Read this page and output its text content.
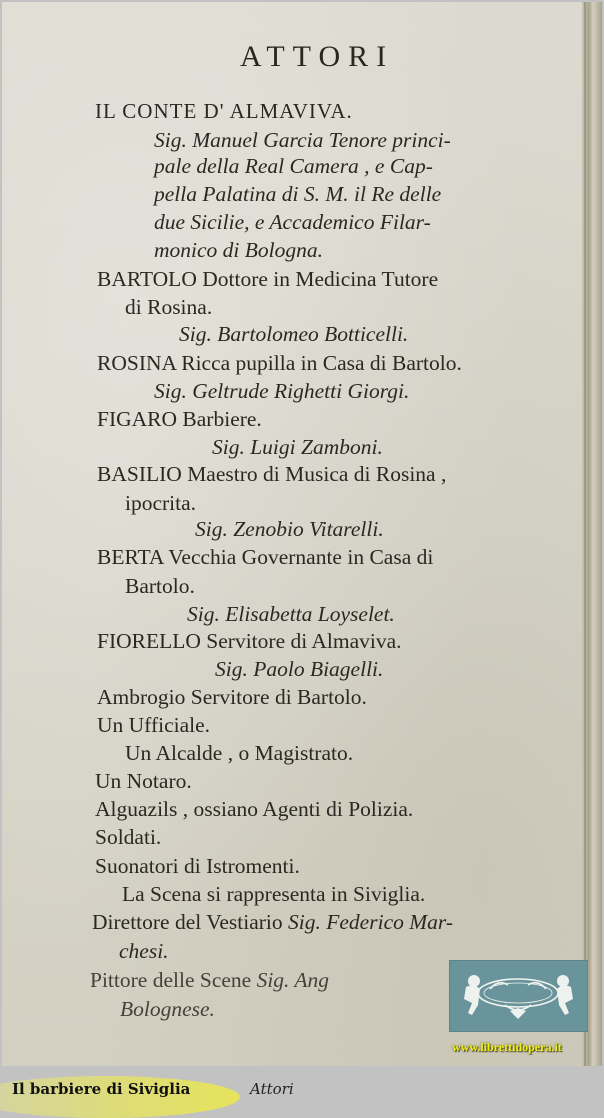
ATTORI
IL CONTE D' ALMAVIVA.
Sig. Manuel Garcia Tenore princi-
pale della Real Camera , e Cap-
pella Palatina di S. M. il Re delle
due Sicilie, e Accademico Filar-
monico di Bologna.
BARTOLO Dottore in Medicina Tutore
di Rosina.
Sig. Bartolomeo Botticelli.
ROSINA Ricca pupilla in Casa di Bartolo.
Sig. Geltrude Righetti Giorgi.
FIGARO Barbiere.
Sig. Luigi Zamboni.
BASILIO Maestro di Musica di Rosina ,
ipocrita.
Sig. Zenobio Vitarelli.
BERTA Vecchia Governante in Casa di
Bartolo.
Sig. Elisabetta Loyselet.
FIORELLO Servitore di Almaviva.
Sig. Paolo Biagelli.
Ambrogio Servitore di Bartolo.
Un Ufficiale.
Un Alcalde , o Magistrato.
Un Notaro.
Alguazils , ossiano Agenti di Polizia.
Soldati.
Suonatori di Istromenti.
La Scena si rappresenta in Siviglia.
Direttore del Vestiario Sig. Federico Mar-
chesi.
Pittore delle Scene Sig. Ang
Bolognese.
www.librettidopera.it
Il barbiere di Siviglia	Attori
